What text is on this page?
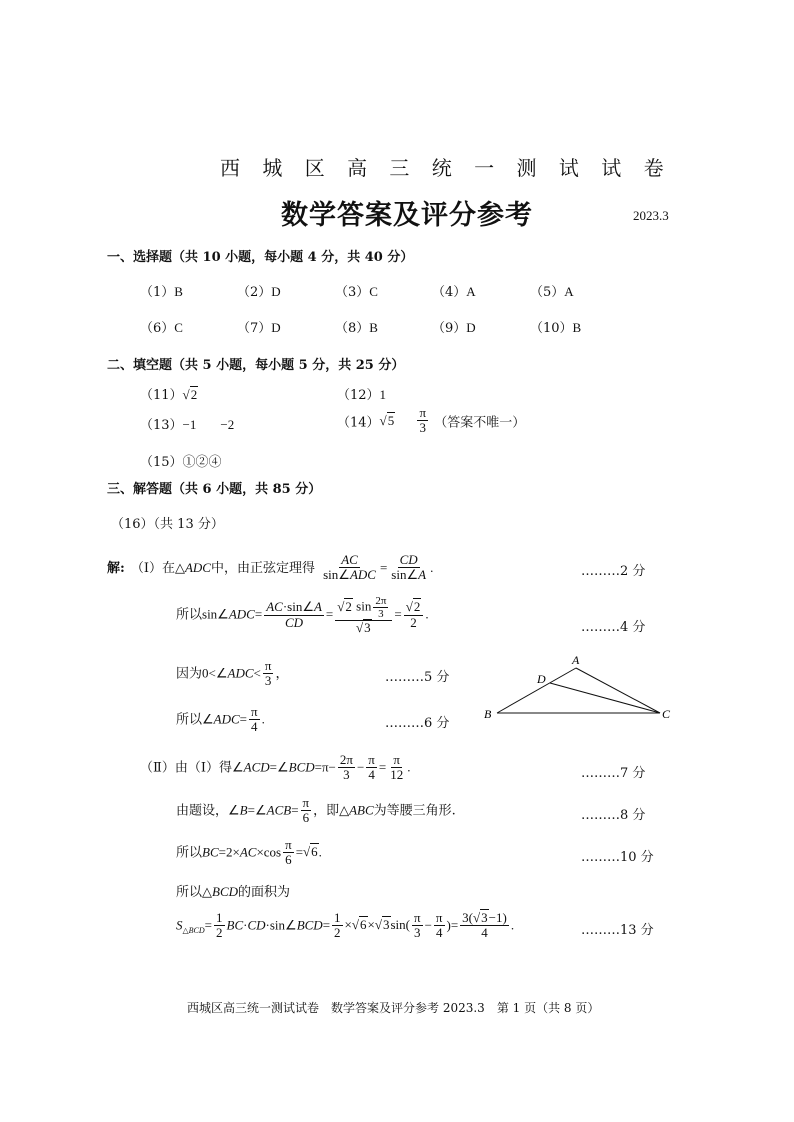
西 城 区 高 三 统 一 测 试 试 卷
数学答案及评分参考	2023.3
一、选择题（共 10 小题，每小题 4 分，共 40 分）
（1）B	（2）D	（3）C	（4）A	（5）A
（6）C	（7）D	（8）B	（9）D	（10）B
二、填空题（共 5 小题，每小题 5 分，共 25 分）
（11）√2	（12）1
（13）−1 −2	$(14)√5 \frac{\pi}{3}$ （答案不唯一）
（15）①②④
三、解答题（共 6 小题，共 85 分）
（16）（共 13 分）
解: （Ⅰ）在△ADC中，由正弦定理得 $\frac{AC}{\text{sin∠ADC}} = \frac{CD}{\sin\angle A}$ .
所以sin∠ADC= $\frac{AC\cdot\sin\angle A}{CD} = \frac{√2 \sin \frac{2\pi}{3}}{√3} = \frac{√2}{2}$ .
因为0<∠ADC< $\frac{\pi}{3}$ ，
所以∠ADC= $\frac{\pi}{4}$ .
A
B	C
D
（Ⅱ）由（Ⅰ）得∠ACD=∠BCD=π− $\frac{2\pi}{3} - \frac{\pi}{4} = \frac{\pi}{12}$ .
由题设，∠B=∠ACB= $\frac{\pi}{6}$ ，即△ABC为等腰三角形.
所以$BC=2\times AC\times\cos \frac{\pi}{6} =√6$.
所以△BCD的面积为
$S_{\triangle BCD}= \frac{1}{2}$ BC·CD·sin∠BCD= $\frac{1}{2} \times√6\times√3\sin( \frac{\pi}{3} - \frac{\pi}{4}$ )= $\frac{3(√3-1)}{4}$ .
………2 分
………4 分
………5 分
………6 分
………7 分
………8 分
………10 分
………13 分
西城区高三统一测试试卷　数学答案及评分参考 2023.3 第 1 页（共 8 页）
